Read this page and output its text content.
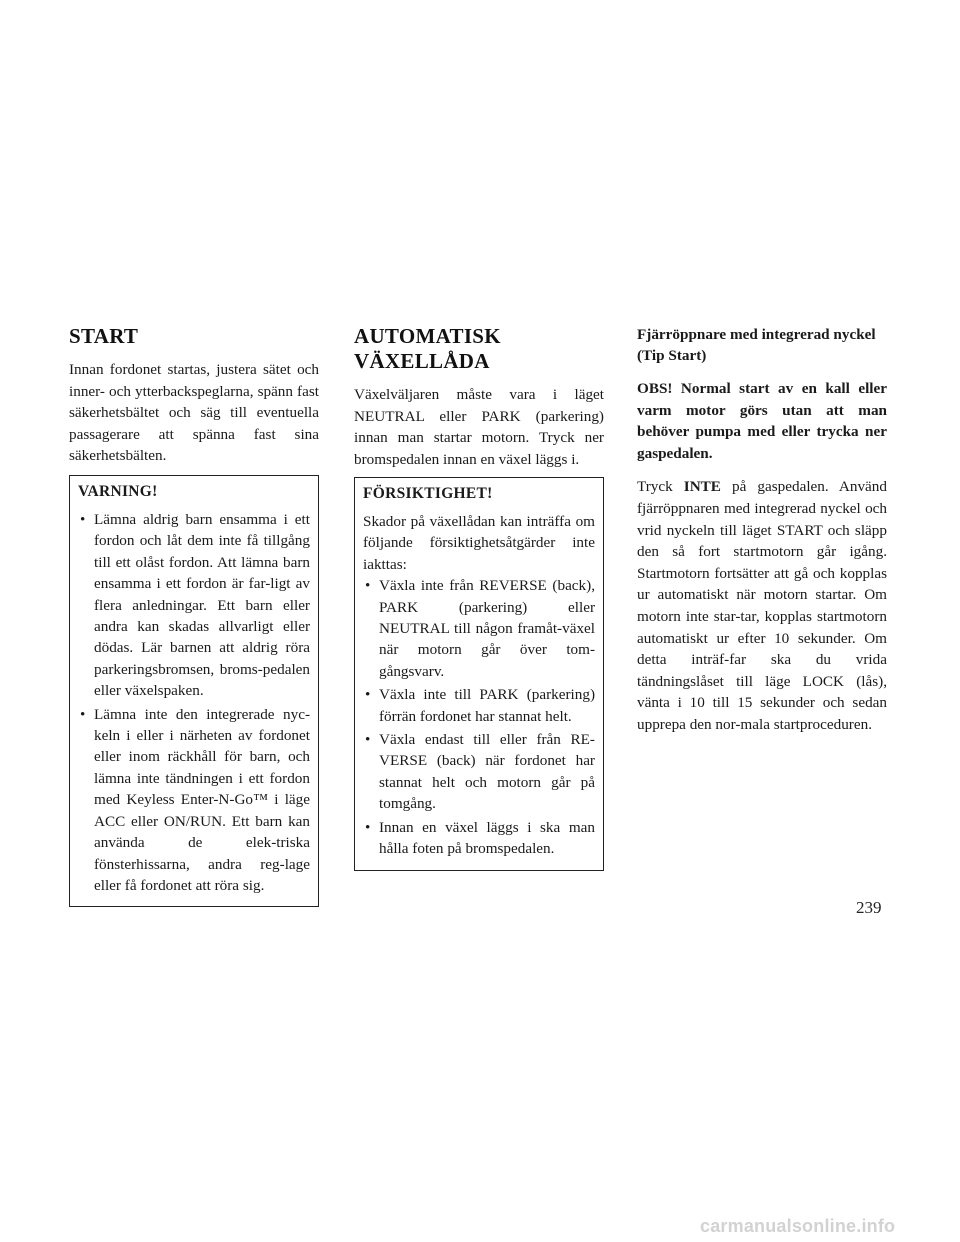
START

Innan fordonet startas, justera sätet och inner- och ytterbackspeglarna, spänn fast säkerhetsbältet och säg till eventuella passagerare att spänna fast sina säkerhetsbälten.

VARNING!
• Lämna aldrig barn ensamma i ett fordon och låt dem inte få tillgång till ett olåst fordon. Att lämna barn ensamma i ett fordon är far-ligt av flera anledningar. Ett barn eller andra kan skadas allvarligt eller dödas. Lär barnen att aldrig röra parkeringsbromsen, broms-pedalen eller växelspaken.
• Lämna inte den integrerade nyc-keln i eller i närheten av fordonet eller inom räckhåll för barn, och lämna inte tändningen i ett fordon med Keyless Enter-N-Go™ i läge ACC eller ON/RUN. Ett barn kan använda de elek-triska fönsterhissarna, andra reg-lage eller få fordonet att röra sig.
AUTOMATISK
VÄXELLÅDA

Växelväljaren måste vara i läget NEUTRAL eller PARK (parkering) innan man startar motorn. Tryck ner bromspedalen innan en växel läggs i.

FÖRSIKTIGHET!

Skador på växellådan kan inträffa om följande försiktighetsåtgärder inte iakttas:

• Växla inte från REVERSE (back), PARK (parkering) eller NEUTRAL till någon framåt-växel när motorn går över tom-gångsvarv.
• Växla inte till PARK (parkering) förrän fordonet har stannat helt.
• Växla endast till eller från RE-VERSE (back) när fordonet har stannat helt och motorn går på tomgång.
• Innan en växel läggs i ska man hålla foten på bromspedalen.
Fjärröppnare med integrerad nyckel (Tip Start)

OBS! Normal start av en kall eller varm motor görs utan att man behöver pumpa med eller trycka ner gaspedalen.

Tryck INTE på gaspedalen. Använd fjärröppnaren med integrerad nyckel och vrid nyckeln till läget START och släpp den så fort startmotorn går igång. Startmotorn fortsätter att gå och kopplas ur automatiskt när motorn startar. Om motorn inte star-tar, kopplas startmotorn automatiskt ur efter 10 sekunder. Om detta inträf-far ska du vrida tändningslåset till läge LOCK (lås), vänta i 10 till 15 sekunder och sedan upprepa den nor-mala startproceduren.

239
carmanualsonline.info
